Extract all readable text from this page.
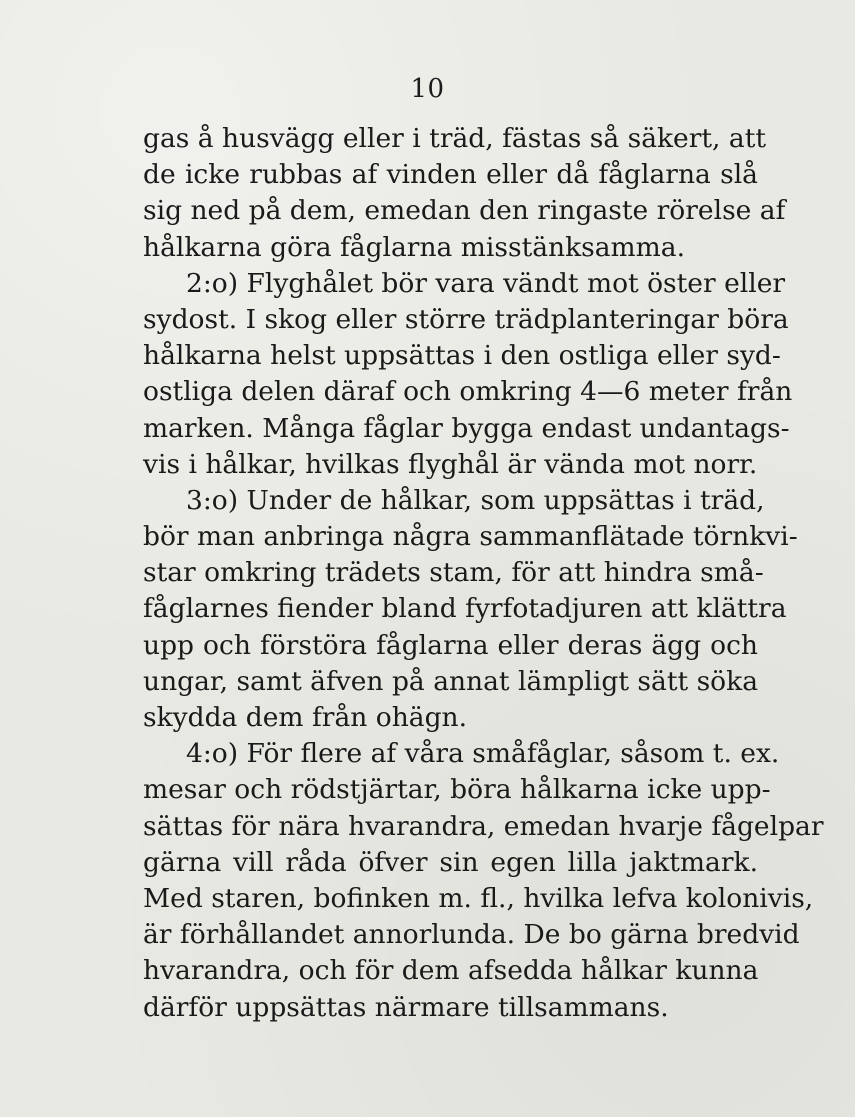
10
gas å husvägg eller i träd, fästas så säkert, att
de icke rubbas af vinden eller då fåglarna slå
sig ned på dem, emedan den ringaste rörelse af
hålkarna göra fåglarna misstänksamma.
2:o) Flyghålet bör vara vändt mot öster eller
sydost. I skog eller större trädplanteringar böra
hålkarna helst uppsättas i den ostliga eller syd-
ostliga delen däraf och omkring 4—6 meter från
marken. Många fåglar bygga endast undantags-
vis i hålkar, hvilkas flyghål är vända mot norr.
3:o) Under de hålkar, som uppsättas i träd,
bör man anbringa några sammanflätade törnkvi-
star omkring trädets stam, för att hindra små-
fåglarnes fiender bland fyrfotadjuren att klättra
upp och förstöra fåglarna eller deras ägg och
ungar, samt äfven på annat lämpligt sätt söka
skydda dem från ohägn.
4:o) För flere af våra småfåglar, såsom t. ex.
mesar och rödstjärtar, böra hålkarna icke upp-
sättas för nära hvarandra, emedan hvarje fågelpar
gärna vill råda öfver sin egen lilla jaktmark.
Med staren, bofinken m. fl., hvilka lefva kolonivis,
är förhållandet annorlunda. De bo gärna bredvid
hvarandra, och för dem afsedda hålkar kunna
därför uppsättas närmare tillsammans.
